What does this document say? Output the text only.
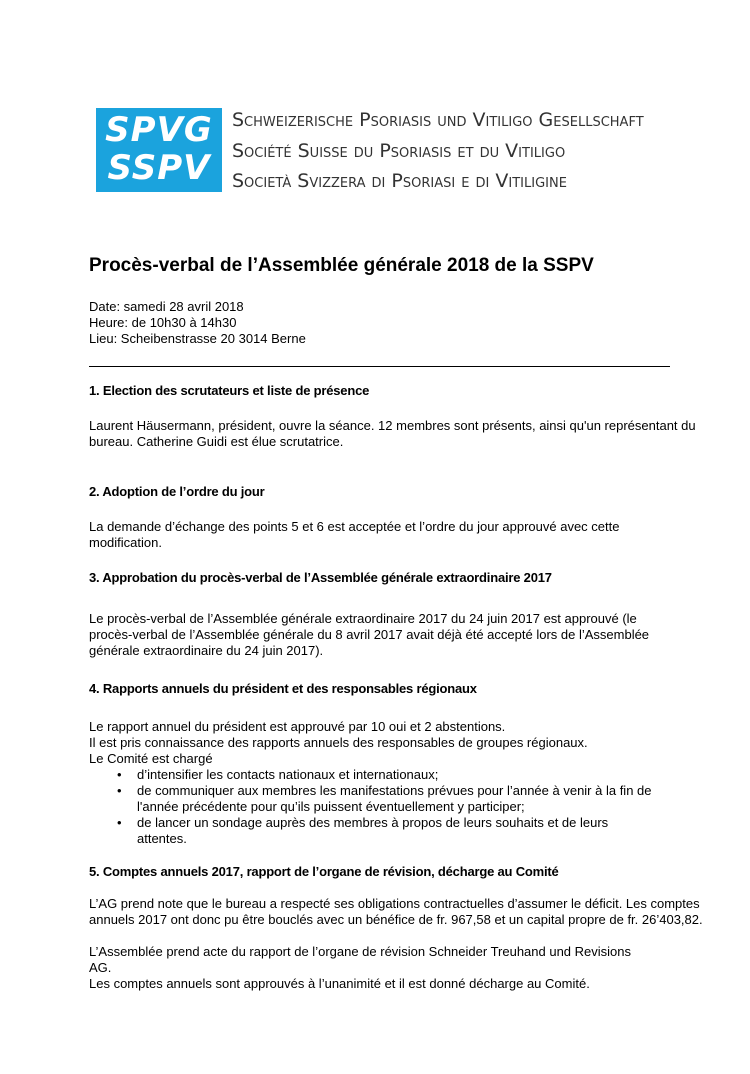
SPVG
SSPV
Schweizerische Psoriasis und Vitiligo Gesellschaft
Société Suisse du Psoriasis et du Vitiligo
Società Svizzera di Psoriasi e di Vitiligine
Procès-verbal de l’Assemblée générale 2018 de la SSPV
Date: samedi 28 avril 2018
Heure: de 10h30 à 14h30
Lieu: Scheibenstrasse 20 3014 Berne
1. Election des scrutateurs et liste de présence

Laurent Häusermann, président, ouvre la séance. 12 membres sont présents, ainsi qu'un représentant du bureau. Catherine Guidi est élue scrutatrice.

2. Adoption de l’ordre du jour

La demande d’échange des points 5 et 6 est acceptée et l’ordre du jour approuvé avec cette modification.

3. Approbation du procès-verbal de l’Assemblée générale extraordinaire 2017

Le procès-verbal de l’Assemblée générale extraordinaire 2017 du 24 juin 2017 est approuvé (le procès-verbal de l’Assemblée générale du 8 avril 2017 avait déjà été accepté lors de l’Assemblée générale extraordinaire du 24 juin 2017).

4. Rapports annuels du président et des responsables régionaux

Le rapport annuel du président est approuvé par 10 oui et 2 abstentions.

Il est pris connaissance des rapports annuels des responsables de groupes régionaux.

Le Comité est chargé

• d’intensifier les contacts nationaux et internationaux;
• de communiquer aux membres les manifestations prévues pour l’année à venir à la fin de l'année précédente pour qu’ils puissent éventuellement y participer;
• de lancer un sondage auprès des membres à propos de leurs souhaits et de leurs attentes.
5. Comptes annuels 2017, rapport de l’organe de révision, décharge au Comité

L’AG prend note que le bureau a respecté ses obligations contractuelles d’assumer le déficit. Les comptes annuels 2017 ont donc pu être bouclés avec un bénéfice de fr. 967,58 et un capital propre de fr. 26’403,82.

L’Assemblée prend acte du rapport de l’organe de révision Schneider Treuhand und Revisions AG.

Les comptes annuels sont approuvés à l’unanimité et il est donné décharge au Comité.
